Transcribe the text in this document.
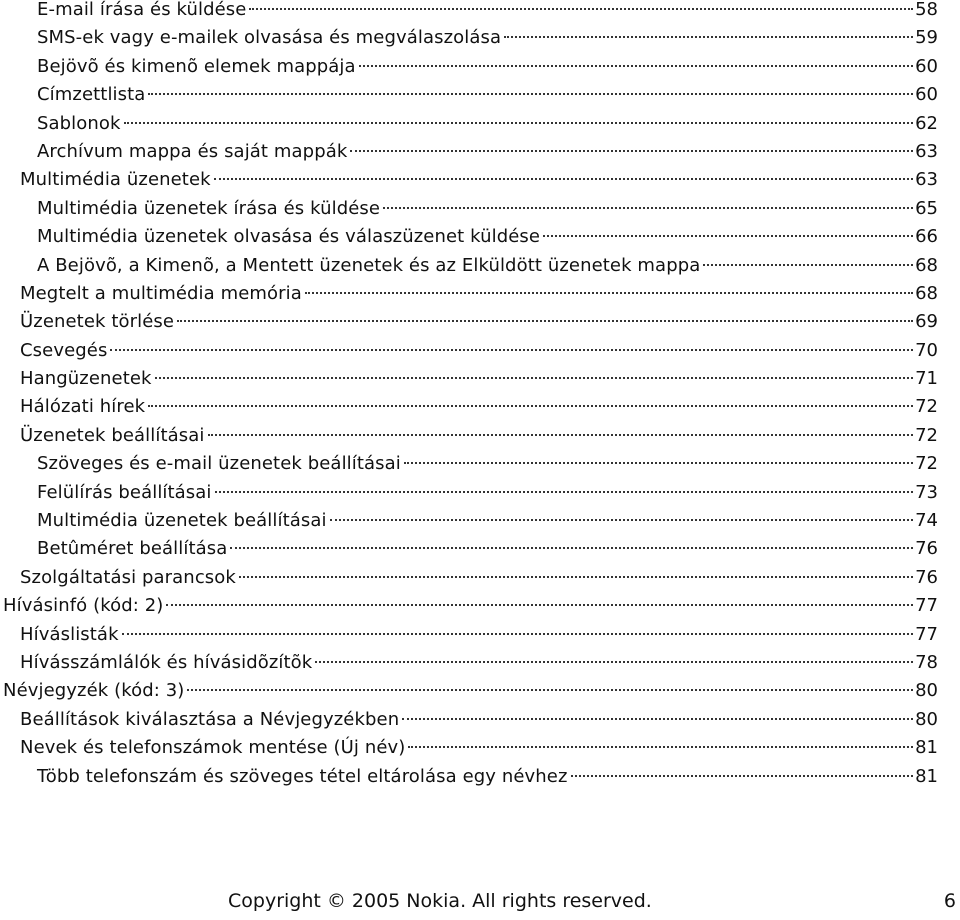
E-mail írása és küldése	58
SMS-ek vagy e-mailek olvasása és megválaszolása	59
Bejövõ és kimenõ elemek mappája	60
Címzettlista	60
Sablonok	62
Archívum mappa és saját mappák	63
Multimédia üzenetek	63
Multimédia üzenetek írása és küldése	65
Multimédia üzenetek olvasása és válaszüzenet küldése	66
A Bejövõ, a Kimenõ, a Mentett üzenetek és az Elküldött üzenetek mappa	68
Megtelt a multimédia memória	68
Üzenetek törlése	69
Csevegés	70
Hangüzenetek	71
Hálózati hírek	72
Üzenetek beállításai	72
Szöveges és e-mail üzenetek beállításai	72
Felülírás beállításai	73
Multimédia üzenetek beállításai	74
Betûméret beállítása	76
Szolgáltatási parancsok	76
Hívásinfó (kód: 2)	77
Híváslisták	77
Hívásszámlálók és hívásidõzítõk	78
Névjegyzék (kód: 3)	80
Beállítások kiválasztása a Névjegyzékben	80
Nevek és telefonszámok mentése (Új név)	81
Több telefonszám és szöveges tétel eltárolása egy névhez	81
Copyright © 2005 Nokia. All rights reserved.	6
